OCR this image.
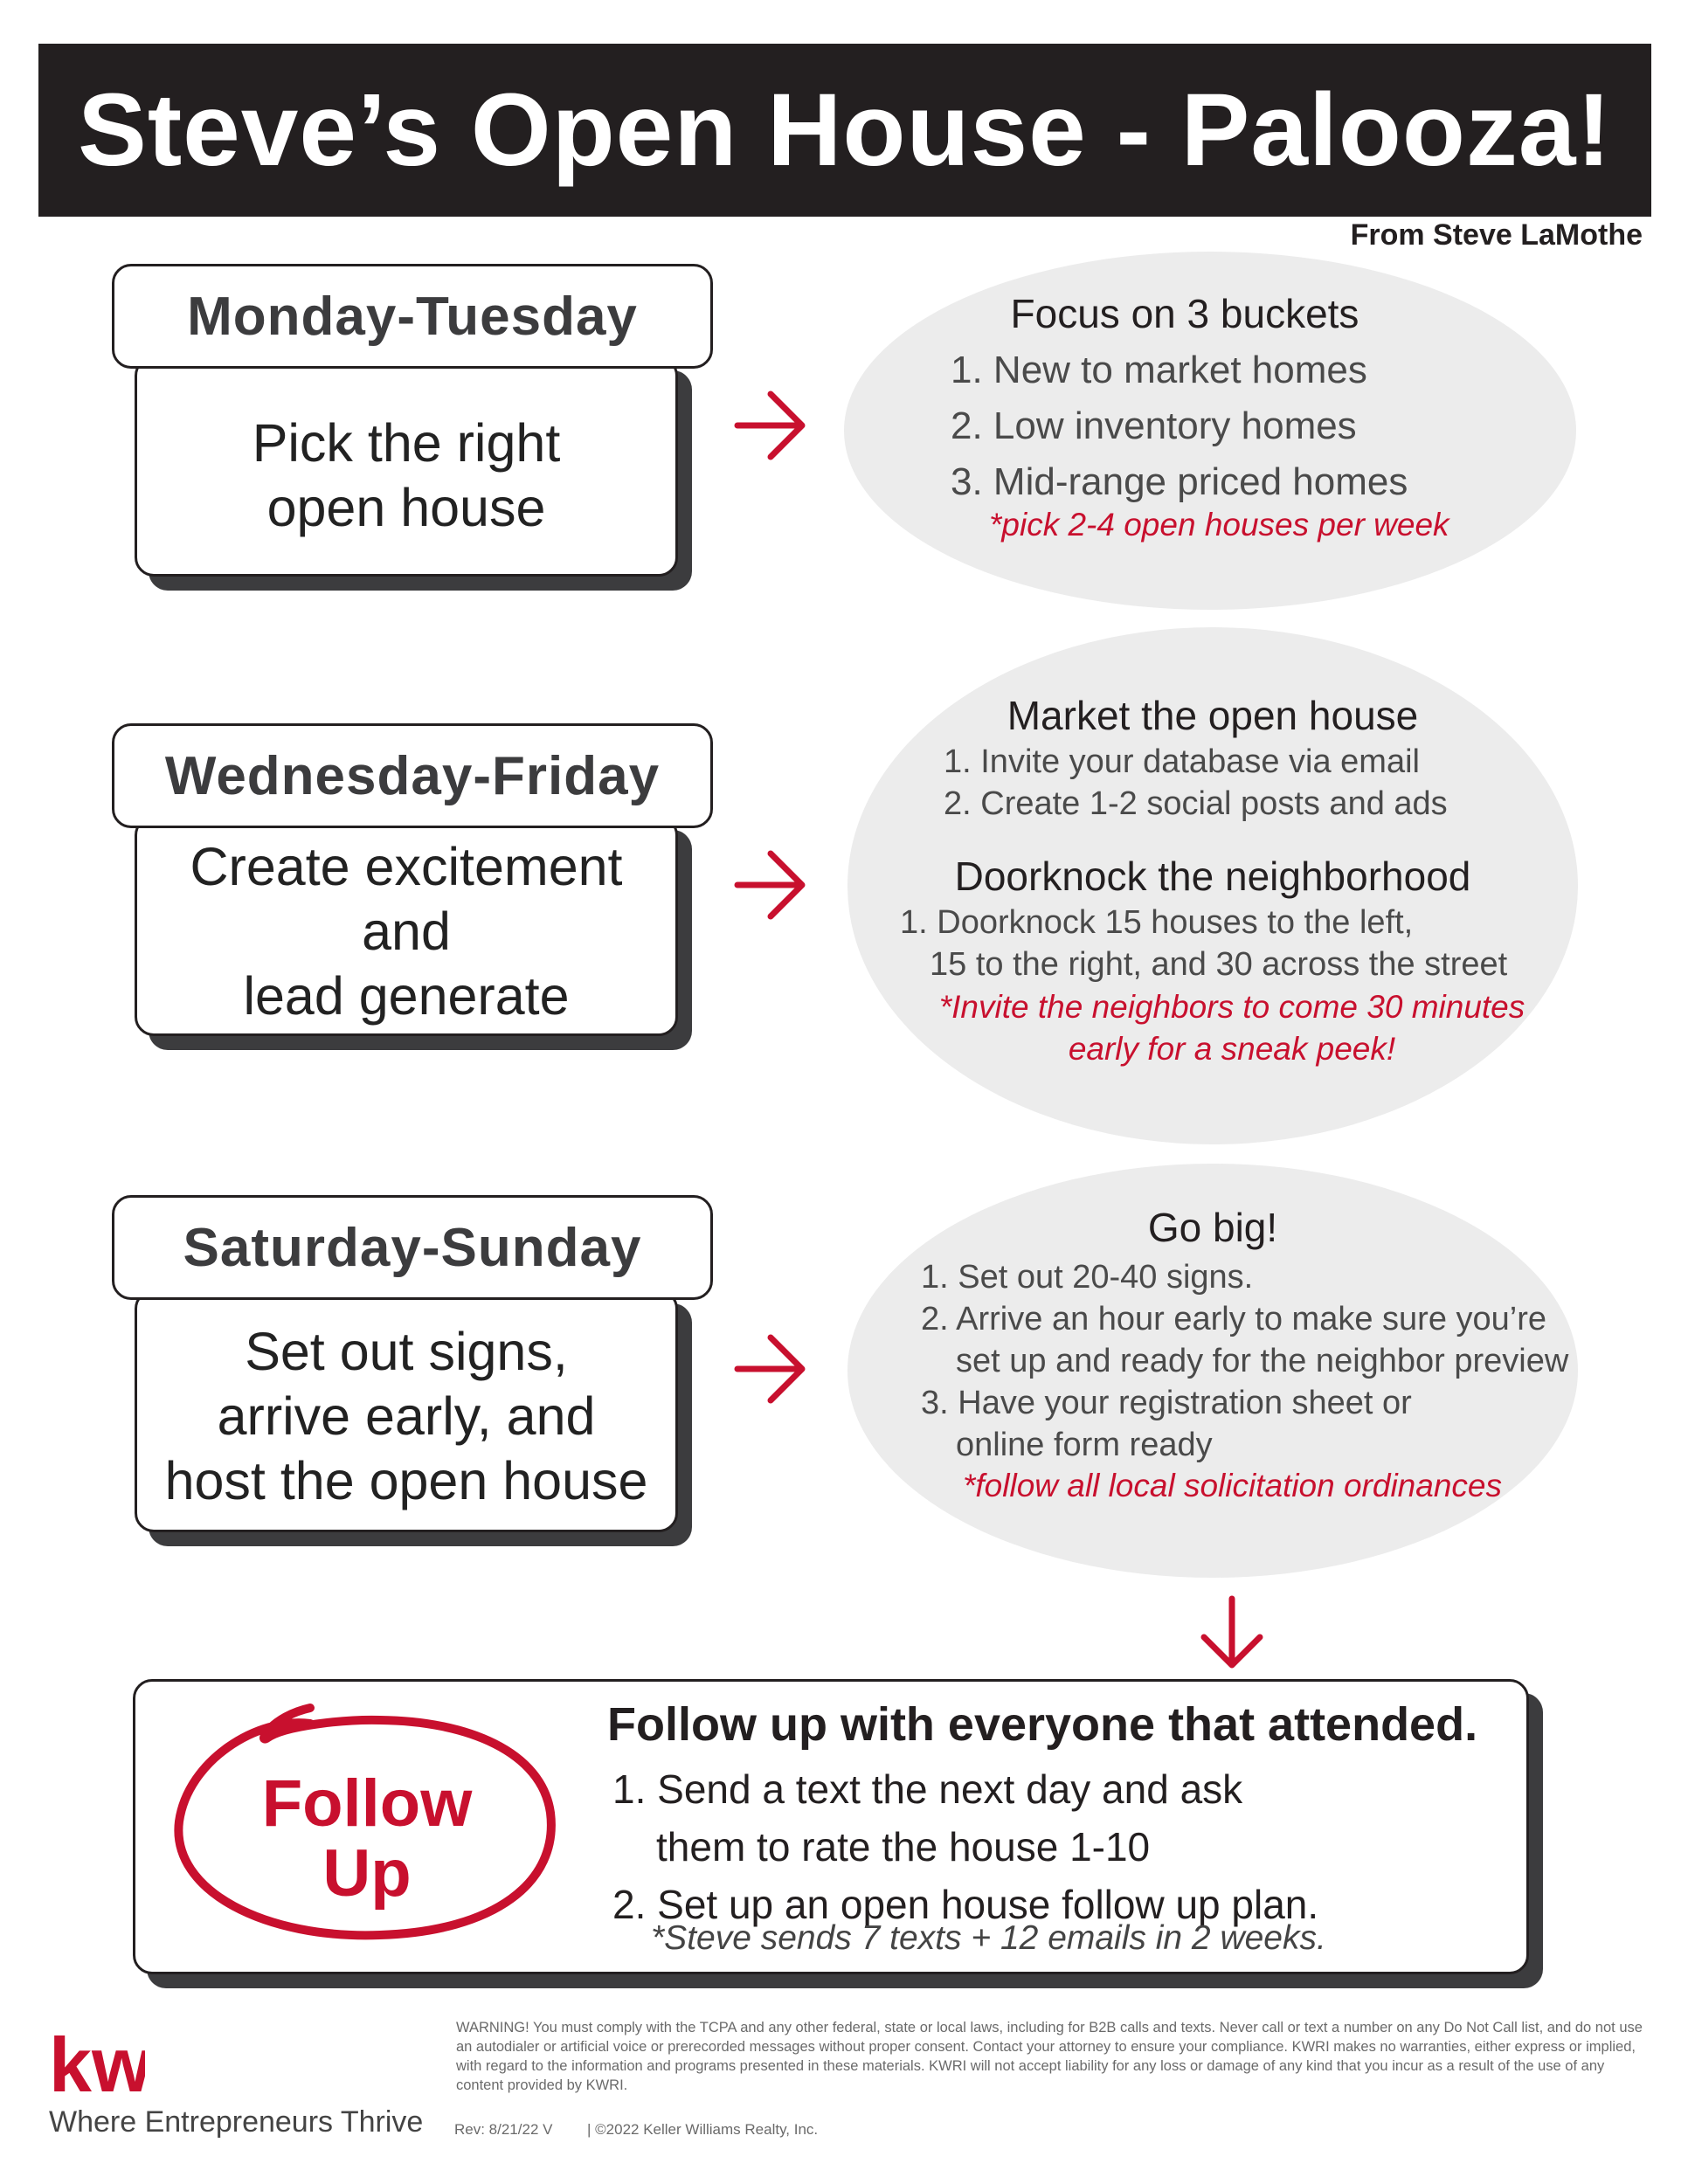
Steve’s Open House - Palooza!
From Steve LaMothe
Pick the right
open house
Monday-Tuesday	Focus on 3 buckets
1. New to market homes
2. Low inventory homes
3. Mid-range priced homes
*pick 2-4 open houses per week
Create excitement
and
lead generate
Wednesday-Friday
Market the open house
1. Invite your database via email
2. Create 1-2 social posts and ads
Doorknock the neighborhood
1. Doorknock 15 houses to the left,
15 to the right, and 30 across the street
*Invite the neighbors to come 30 minutes
early for a sneak peek!
Set out signs,
arrive early, and
host the open house
Saturday-Sunday	Go big!
1. Set out 20-40 signs.
2. Arrive an hour early to make sure you’re
set up and ready for the neighbor preview
3. Have your registration sheet or
online form ready
*follow all local solicitation ordinances
Follow
Up
Follow up with everyone that attended.
1. Send a text the next day and ask
them to rate the house 1-10
2. Set up an open house follow up plan.
*Steve sends 7 texts + 12 emails in 2 weeks.
kw
Where Entrepreneurs Thrive
WARNING! You must comply with the TCPA and any other federal, state or local laws, including for B2B calls and texts. Never call or text a number on any Do Not Call list, and do not use an autodialer or artificial voice or prerecorded messages without proper consent. Contact your attorney to ensure your compliance. KWRI makes no warranties, either express or implied, with regard to the information and programs presented in these materials. KWRI will not accept liability for any loss or damage of any kind that you incur as a result of the use of any content provided by KWRI.
Rev: 8/21/22 V | ©2022 Keller Williams Realty, Inc.
